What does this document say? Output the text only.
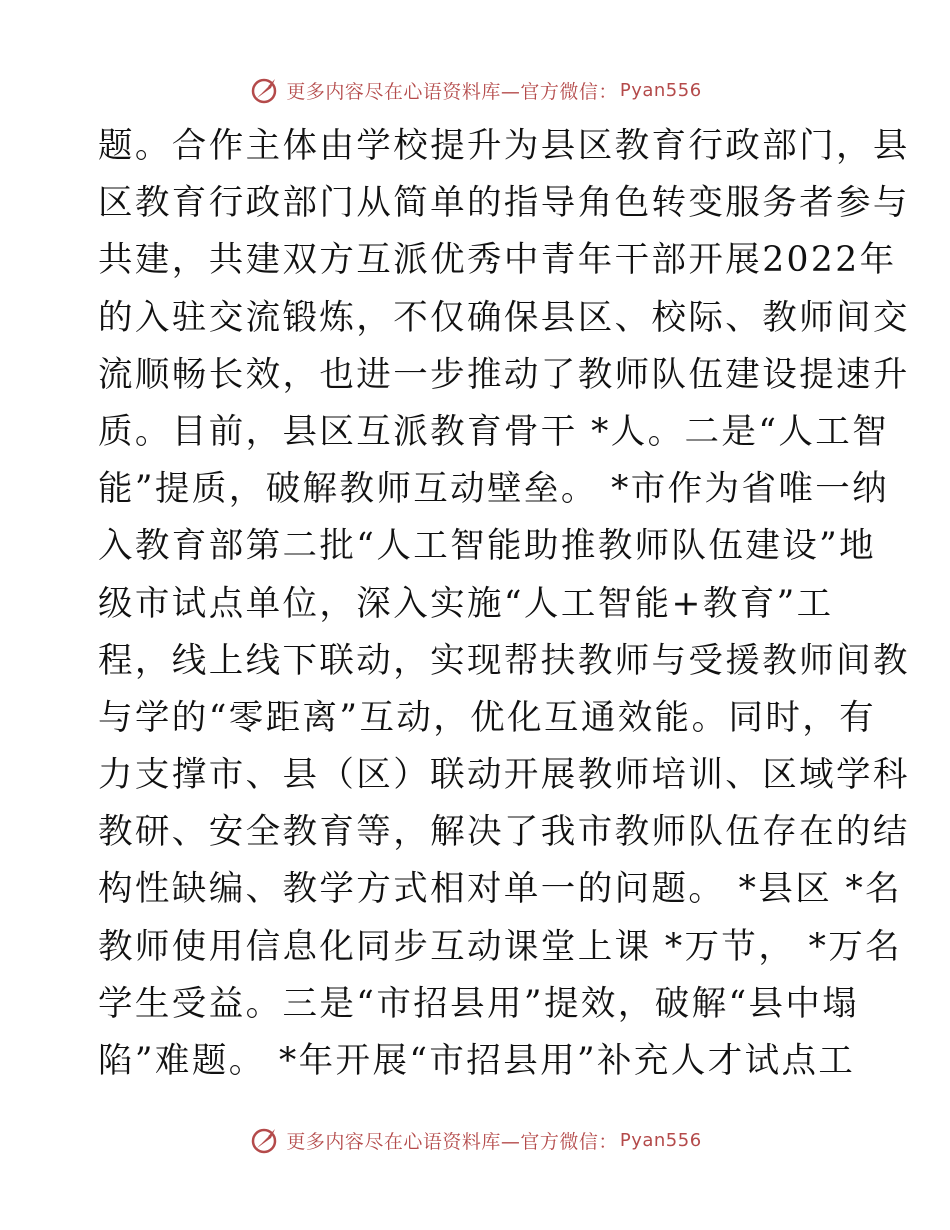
更多内容尽在心语资料库—官方微信： Pyan556
题。合作主体由学校提升为县区教育行政部门，县
区教育行政部门从简单的指导角色转变服务者参与
共建，共建双方互派优秀中青年干部开展2022年
的入驻交流锻炼，不仅确保县区、校际、教师间交
流顺畅长效，也进一步推动了教师队伍建设提速升
质。目前，县区互派教育骨干 *人。二是“人工智
能”提质，破解教师互动壁垒。 *市作为省唯一纳
入教育部第二批“人工智能助推教师队伍建设”地
级市试点单位，深入实施“人工智能+教育”工
程，线上线下联动，实现帮扶教师与受援教师间教
与学的“零距离”互动，优化互通效能。同时，有
力支撑市、县（区）联动开展教师培训、区域学科
教研、安全教育等，解决了我市教师队伍存在的结
构性缺编、教学方式相对单一的问题。 *县区 *名
教师使用信息化同步互动课堂上课 *万节， *万名
学生受益。三是“市招县用”提效，破解“县中塌
陷”难题。 *年开展“市招县用”补充人才试点工
更多内容尽在心语资料库—官方微信： Pyan556
